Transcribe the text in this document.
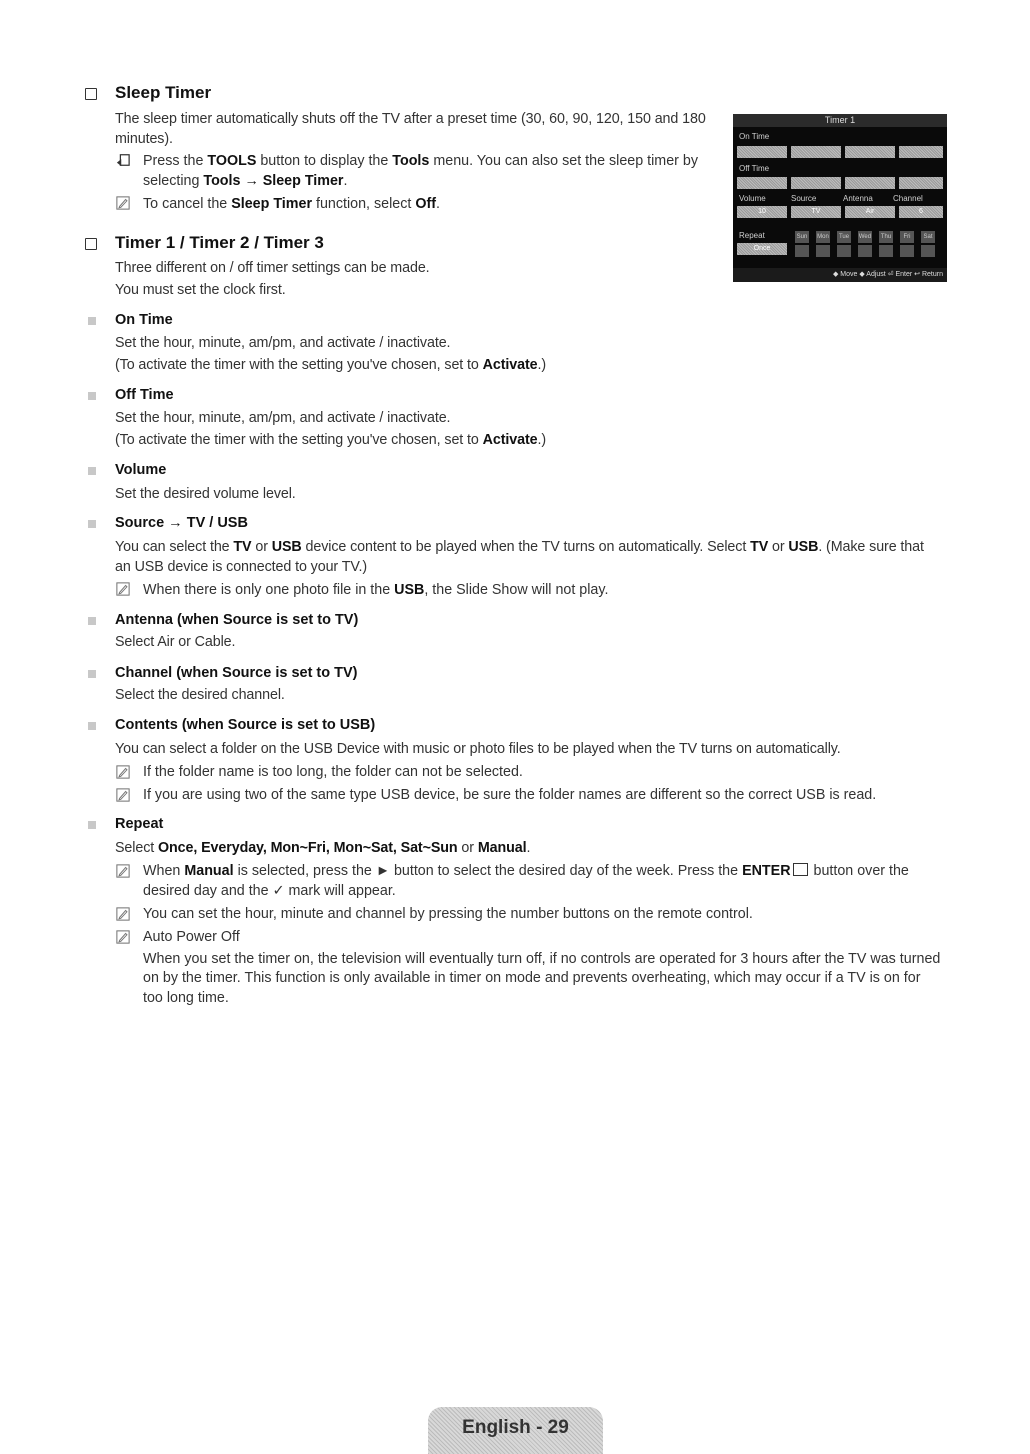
Sleep Timer
The sleep timer automatically shuts off the TV after a preset time (30, 60, 90, 120, 150 and 180
minutes).
Press the TOOLS button to display the Tools menu. You can also set the sleep timer by
selecting Tools → Sleep Timer.
To cancel the Sleep Timer function, select Off.
Timer 1 / Timer 2 / Timer 3
Three different on / off timer settings can be made.
You must set the clock first.
Timer 1
On Time
Off Time
Volume	Source	Antenna	Channel
10	TV	Air	6
Repeat
Once
Sun Mon	Tue	Wed	Thu	Fri	Sat
◆ Move ◆ Adjust ⏎ Enter ↩ Return
On Time
Set the hour, minute, am/pm, and activate / inactivate.
(To activate the timer with the setting you've chosen, set to Activate.)
Off Time
Set the hour, minute, am/pm, and activate / inactivate.
(To activate the timer with the setting you've chosen, set to Activate.)
Volume
Set the desired volume level.
Source → TV / USB
You can select the TV or USB device content to be played when the TV turns on automatically. Select TV or USB. (Make sure that
an USB device is connected to your TV.)
When there is only one photo file in the USB, the Slide Show will not play.
Antenna (when Source is set to TV)
Select Air or Cable.
Channel (when Source is set to TV)
Select the desired channel.
Contents (when Source is set to USB)
You can select a folder on the USB Device with music or photo files to be played when the TV turns on automatically.
If the folder name is too long, the folder can not be selected.
If you are using two of the same type USB device, be sure the folder names are different so the correct USB is read.
Repeat
Select Once, Everyday, Mon~Fri, Mon~Sat, Sat~Sun or Manual.
When Manual is selected, press the ► button to select the desired day of the week. Press the ENTER button over the
desired day and the ✓ mark will appear.
You can set the hour, minute and channel by pressing the number buttons on the remote control.
Auto Power Off
When you set the timer on, the television will eventually turn off, if no controls are operated for 3 hours after the TV was turned
on by the timer. This function is only available in timer on mode and prevents overheating, which may occur if a TV is on for
too long time.
English - 29
